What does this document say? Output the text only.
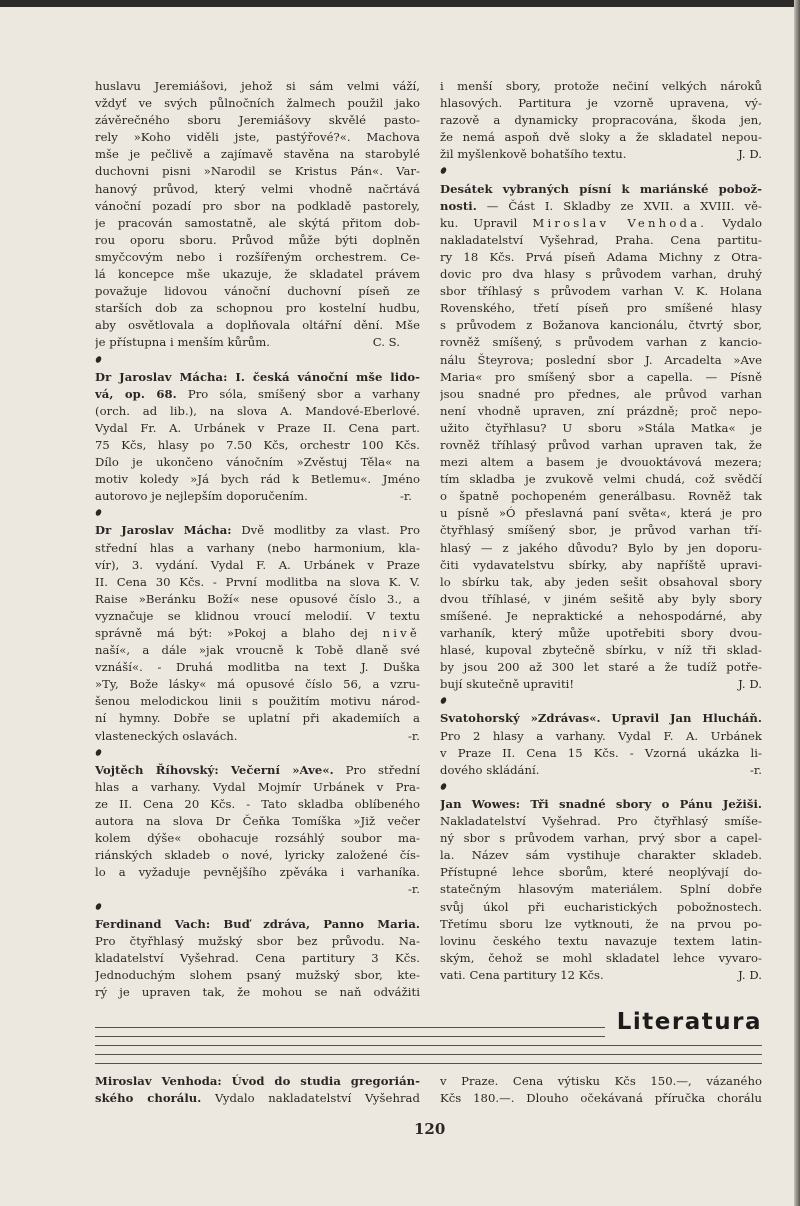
huslavu Jeremiášovi, jehož si sám velmi váží,
vždyť ve svých půlnočních žalmech použil jako
závěrečného sboru Jeremiášovy skvělé pasto-
rely »Koho viděli jste, pastýřové?«. Machova
mše je pečlivě a zajímavě stavěna na starobylé
duchovni pisni »Narodil se Kristus Pán«. Var-
hanový průvod, který velmi vhodně načrtává
vánoční pozadí pro sbor na podkladě pastorely,
je pracován samostatně, ale skýtá přitom dob-
rou oporu sboru. Průvod může býti doplněn
smyčcovým nebo i rozšířeným orchestrem. Ce-
lá koncepce mše ukazuje, že skladatel právem
považuje lidovou vánoční duchovní píseň ze
starších dob za schopnou pro kostelní hudbu,
aby osvětlovala a doplňovala oltářní dění. Mše
je přístupna i menším kůrům.	C. S.
Dr Jaroslav Mácha: I. česká vánoční mše lido-
vá, op. 68. Pro sóla, smíšený sbor a varhany
(orch. ad lib.), na slova A. Mandové-Eberlové.
Vydal Fr. A. Urbánek v Praze II. Cena part.
75 Kčs, hlasy po 7.50 Kčs, orchestr 100 Kčs.
Dílo je ukončeno vánočním »Zvěstuj Těla« na
motiv koledy »Já bych rád k Betlemu«. Jméno
autorovo je nejlepším doporučením.	-r.
Dr Jaroslav Mácha: Dvě modlitby za vlast. Pro
střední hlas a varhany (nebo harmonium, kla-
vír), 3. vydání. Vydal F. A. Urbánek v Praze
II. Cena 30 Kčs. - První modlitba na slova K. V.
Raise »Beránku Boží« nese opusové číslo 3., a
vyznačuje se klidnou vroucí melodií. V textu
správně má být: »Pokoj a blaho dej nivě
naší«, a dále »jak vroucně k Tobě dlaně své
vznáší«. - Druhá modlitba na text J. Duška
»Ty, Bože lásky« má opusové číslo 56, a vzru-
šenou melodickou linii s použitím motivu národ-
ní hymny. Dobře se uplatní při akademiích a
vlasteneckých oslavách.	-r.
Vojtěch Říhovský: Večerní »Ave«. Pro střední
hlas a varhany. Vydal Mojmír Urbánek v Pra-
ze II. Cena 20 Kčs. - Tato skladba oblíbeného
autora na slova Dr Čeňka Tomíška »Již večer
kolem dýše« obohacuje rozsáhlý soubor ma-
riánských skladeb o nové, lyricky založené čís-
lo a vyžaduje pevnějšího zpěváka i varhaníka.
-r.
Ferdinand Vach: Buď zdráva, Panno Maria.
Pro čtyřhlasý mužský sbor bez průvodu. Na-
kladatelství Vyšehrad. Cena partitury 3 Kčs.
Jednoduchým slohem psaný mužský sbor, kte-
rý je upraven tak, že mohou se naň odvážiti
i menší sbory, protože nečiní velkých nároků
hlasových. Partitura je vzorně upravena, vý-
razově a dynamicky propracována, škoda jen,
že nemá aspoň dvě sloky a že skladatel nepou-
žil myšlenkově bohatšího textu.	J. D.
Desátek vybraných písní k mariánské pobož-
nosti. — Část I. Skladby ze XVII. a XVIII. vě-
ku. Upravil Miroslav Venhoda. Vydalo
nakladatelství Vyšehrad, Praha. Cena partitu-
ry 18 Kčs. Prvá píseň Adama Michny z Otra-
dovic pro dva hlasy s průvodem varhan, druhý
sbor tříhlasý s průvodem varhan V. K. Holana
Rovenského, třetí píseň pro smíšené hlasy
s průvodem z Božanova kancionálu, čtvrtý sbor,
rovněž smíšený, s průvodem varhan z kancio-
nálu Šteyrova; poslední sbor J. Arcadelta »Ave
Maria« pro smíšený sbor a capella. — Písně
jsou snadné pro přednes, ale průvod varhan
není vhodně upraven, zní prázdně; proč nepo-
užito čtyřhlasu? U sboru »Stála Matka« je
rovněž tříhlasý průvod varhan upraven tak, že
mezi altem a basem je dvouoktávová mezera;
tím skladba je zvukově velmi chudá, což svědčí
o špatně pochopeném generálbasu. Rovněž tak
u písně »Ó přeslavná paní světa«, která je pro
čtyřhlasý smíšený sbor, je průvod varhan tří-
hlasý — z jakého důvodu? Bylo by jen doporu-
čiti vydavatelstvu sbírky, aby napříště upravi-
lo sbírku tak, aby jeden sešit obsahoval sbory
dvou tříhlasé, v jiném sešitě aby byly sbory
smíšené. Je nepraktické a nehospodárné, aby
varhaník, který může upotřebiti sbory dvou-
hlasé, kupoval zbytečně sbírku, v níž tři sklad-
by jsou 200 až 300 let staré a že tudíž potře-
bují skutečně upraviti!	J. D.
Svatohorský »Zdrávas«. Upravil Jan Hlucháň.
Pro 2 hlasy a varhany. Vydal F. A. Urbánek
v Praze II. Cena 15 Kčs. - Vzorná ukázka li-
dového skládání.	-r.
Jan Wowes: Tři snadné sbory o Pánu Ježiši.
Nakladatelství Vyšehrad. Pro čtyřhlasý smíše-
ný sbor s průvodem varhan, prvý sbor a capel-
la. Název sám vystihuje charakter skladeb.
Přístupné lehce sborům, které neoplývají do-
statečným hlasovým materiálem. Splní dobře
svůj úkol při eucharistických pobožnostech.
Třetímu sboru lze vytknouti, že na prvou po-
lovinu českého textu navazuje textem latin-
ským, čehož se mohl skladatel lehce vyvaro-
vati. Cena partitury 12 Kčs.	J. D.
Literatura
Miroslav Venhoda: Úvod do studia gregorián-
ského chorálu. Vydalo nakladatelství Vyšehrad
v Praze. Cena výtisku Kčs 150.—, vázaného
Kčs 180.—. Dlouho očekávaná příručka chorálu
120
